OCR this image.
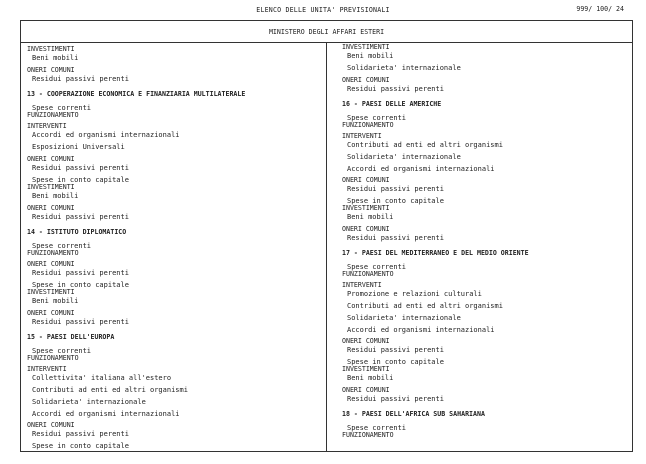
ELENCO DELLE UNITA' PREVISIONALI	999/ 100/ 24
MINISTERO DEGLI AFFARI ESTERI
INVESTIMENTI
Beni mobili
ONERI COMUNI
Residui passivi perenti
13 - COOPERAZIONE ECONOMICA E FINANZIARIA MULTILATERALE
Spese correnti
FUNZIONAMENTO
INTERVENTI
Accordi ed organismi internazionali
Esposizioni Universali
ONERI COMUNI
Residui passivi perenti
Spese in conto capitale
INVESTIMENTI
Beni mobili
ONERI COMUNI
Residui passivi perenti
14 - ISTITUTO DIPLOMATICO
Spese correnti
FUNZIONAMENTO
ONERI COMUNI
Residui passivi perenti
Spese in conto capitale
INVESTIMENTI
Beni mobili
ONERI COMUNI
Residui passivi perenti
15 - PAESI DELL'EUROPA
Spese correnti
FUNZIONAMENTO
INTERVENTI
Collettivita' italiana all'estero
Contributi ad enti ed altri organismi
Solidarieta' internazionale
Accordi ed organismi internazionali
ONERI COMUNI
Residui passivi perenti
Spese in conto capitale
INVESTIMENTI
Beni mobili
Solidarieta' internazionale
ONERI COMUNI
Residui passivi perenti
16 - PAESI DELLE AMERICHE
Spese correnti
FUNZIONAMENTO
INTERVENTI
Contributi ad enti ed altri organismi
Solidarieta' internazionale
Accordi ed organismi internazionali
ONERI COMUNI
Residui passivi perenti
Spese in conto capitale
INVESTIMENTI
Beni mobili
ONERI COMUNI
Residui passivi perenti
17 - PAESI DEL MEDITERRANEO E DEL MEDIO ORIENTE
Spese correnti
FUNZIONAMENTO
INTERVENTI
Promozione e relazioni culturali
Contributi ad enti ed altri organismi
Solidarieta' internazionale
Accordi ed organismi internazionali
ONERI COMUNI
Residui passivi perenti
Spese in conto capitale
INVESTIMENTI
Beni mobili
ONERI COMUNI
Residui passivi perenti
18 - PAESI DELL'AFRICA SUB SAHARIANA
Spese correnti
FUNZIONAMENTO
